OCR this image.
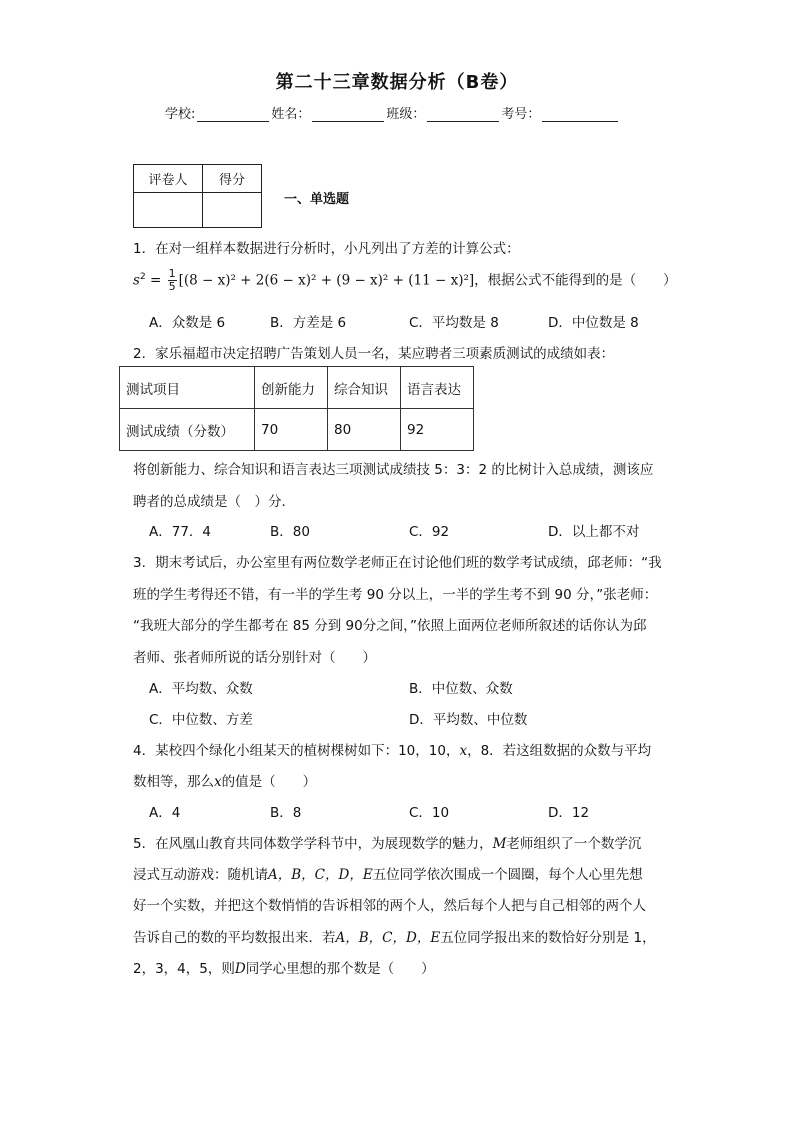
第二十三章数据分析（B卷）
学校:	姓名：	班级：	考号：
评卷人	得分

一、单选题
1．在对一组样本数据进行分析时，小凡列出了方差的计算公式：
$s^2 = \frac{1}{5} [(8 - x)^2 + 2(6 - x)^2 + (9 - x)^2 + (11 - x)^2]$，根据公式不能得到的是（　　）
A．众数是 6	B．方差是 6	C．平均数是 8	D．中位数是 8
2．家乐福超市决定招聘广告策划人员一名，某应聘者三项素质测试的成绩如表：
测试项目	创新能力	综合知识	语言表达
测试成绩（分数）	70	80	92
将创新能力、综合知识和语言表达三项测试成绩技 5：3：2 的比树计入总成绩，测该应
聘者的总成绩是（　）分．
A．77．4	B．80	C．92	D．以上都不对
3．期末考试后，办公室里有两位数学老师正在讨论他们班的数学考试成绩，邱老师：“我
班的学生考得还不错，有一半的学生考 90 分以上，一半的学生考不到 90 分，”张老师：
“我班大部分的学生都考在 85 分到 90分之间，”依照上面两位老师所叙述的话你认为邱
者师、张者师所说的话分别针对（　　）
A．平均数、众数	B．中位数、众数
C．中位数、方差	D．平均数、中位数
4．某校四个绿化小组某天的植树棵树如下：10，10，x，8．若这组数据的众数与平均
数相等，那么x的值是（　　）
A．4	B．8	C．10	D．12
5．在风凰山教育共同体数学学科节中，为展现数学的魅力，M老师组织了一个数学沉
浸式互动游戏：随机请A，B，C，D，E五位同学依次围成一个圆圈，每个人心里先想
好一个实数，并把这个数悄悄的告诉相邻的两个人，然后每个人把与自己相邻的两个人
告诉自己的数的平均数报出来．若A，B，C，D，E五位同学报出来的数恰好分别是 1，
2，3，4，5，则D同学心里想的那个数是（　　）
